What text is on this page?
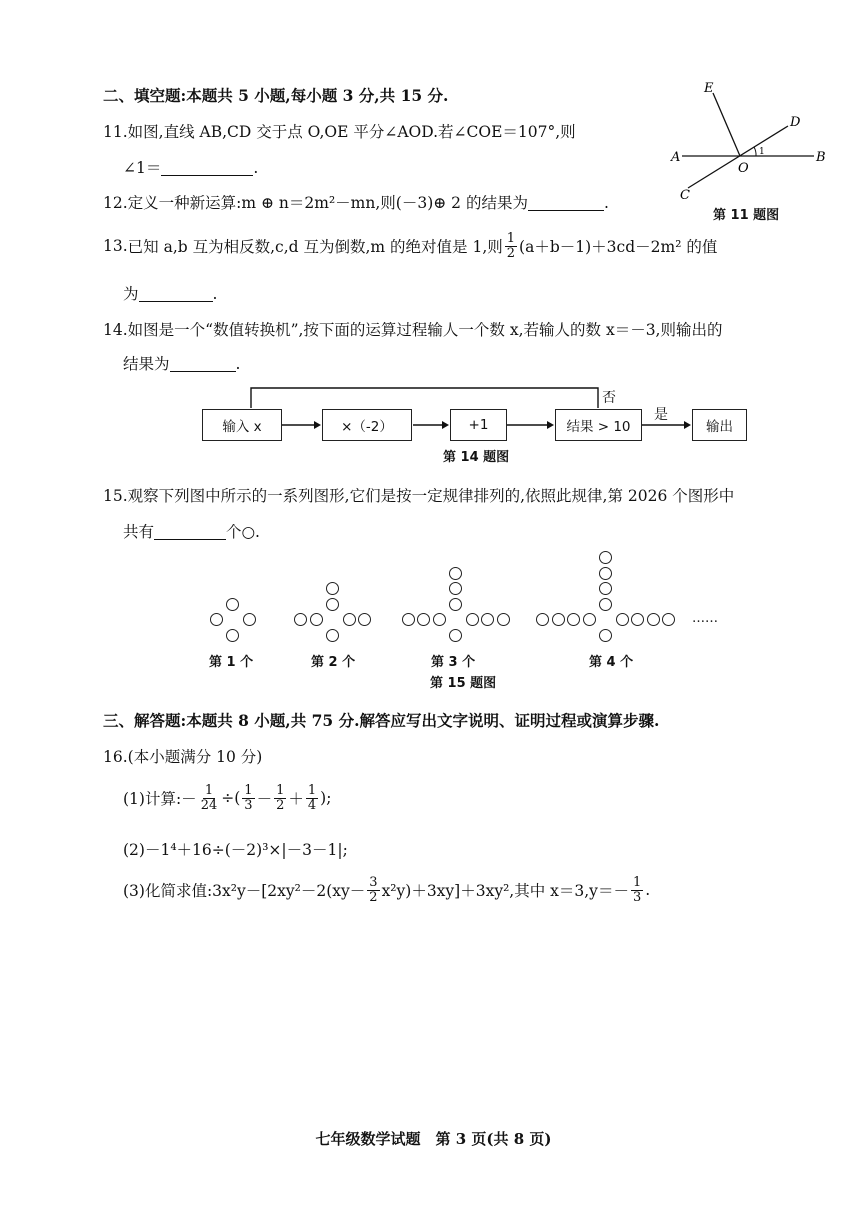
二、填空题:本题共 5 小题,每小题 3 分,共 15 分.
11.如图,直线 AB,CD 交于点 O,OE 平分∠AOD.若∠COE＝107°,则
∠1＝	.
E
D
A
O
B
C
1
第 11 题图
12.定义一种新运算:m ⊕ n＝2m²－mn,则(－3)⊕ 2 的结果为	.
13. 已知 a,b 互为相反数,c,d 互为倒数,m 的绝对值是 1,则 $\frac{1}{2} (a+b-1)+3cd-2m^2$ 的值
为	.
14.如图是一个“数值转换机”,按下面的运算过程输人一个数 x,若输人的数 x＝－3,则输出的
结果为	.
输入 x	×（-2）	+1	结果 > 10	输出
否
是
第 14 题图
15.观察下列图中所示的一系列图形,它们是按一定规律排列的,依照此规律,第 2026 个图形中
共有	个○.
……
第 1 个	第 2 个	第 3 个	第 4 个
第 15 题图
三、解答题:本题共 8 小题,共 75 分.解答应写出文字说明、证明过程或演算步骤.
16.(本小题满分 10 分)
(1)计算:－ $\frac{1}{24}$ ÷( $\frac{1}{3} - \frac{1}{2} + \frac{1}{4}$ );
(2)－1⁴＋16÷(－2)³×|－3－1|;
(3)化简求值:3x²y－[2xy²－2(xy－ $\frac{3}{2} x^2y)+3xy]+3xy^2$,其中 $x=3,y=- \frac{1}{3}$ .
七年级数学试题　第 3 页(共 8 页)
